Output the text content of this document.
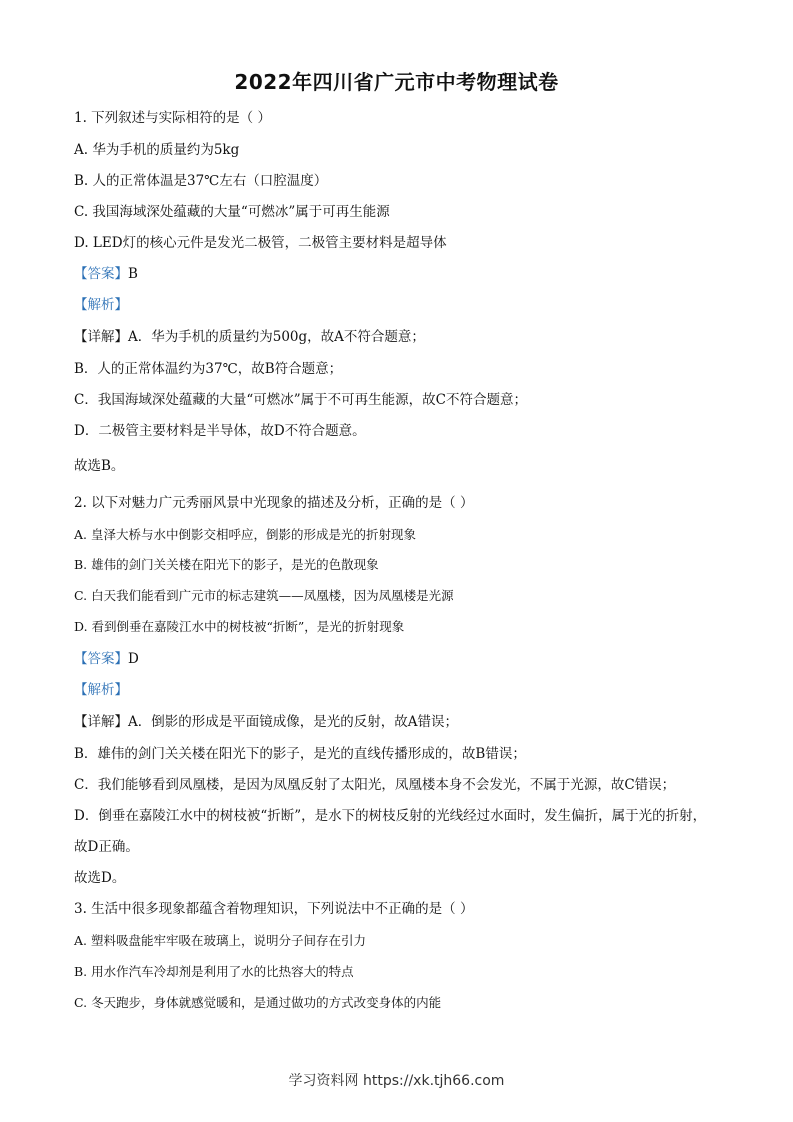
2022年四川省广元市中考物理试卷
1. 下列叙述与实际相符的是（ ）
A. 华为手机的质量约为5kg
B. 人的正常体温是37℃左右（口腔温度）
C. 我国海域深处蕴藏的大量“可燃冰”属于可再生能源
D. LED灯的核心元件是发光二极管，二极管主要材料是超导体
【答案】B
【解析】
【详解】A．华为手机的质量约为500g，故A不符合题意；
B．人的正常体温约为37℃，故B符合题意；
C．我国海域深处蕴藏的大量“可燃冰”属于不可再生能源，故C不符合题意；
D．二极管主要材料是半导体，故D不符合题意。
故选B。
2. 以下对魅力广元秀丽风景中光现象的描述及分析，正确的是（ ）
A. 皇泽大桥与水中倒影交相呼应，倒影的形成是光的折射现象
B. 雄伟的剑门关关楼在阳光下的影子，是光的色散现象
C. 白天我们能看到广元市的标志建筑——凤凰楼，因为凤凰楼是光源
D. 看到倒垂在嘉陵江水中的树枝被“折断”，是光的折射现象
【答案】D
【解析】
【详解】A．倒影的形成是平面镜成像，是光的反射，故A错误；
B．雄伟的剑门关关楼在阳光下的影子，是光的直线传播形成的，故B错误；
C．我们能够看到凤凰楼，是因为凤凰反射了太阳光，凤凰楼本身不会发光，不属于光源，故C错误；
D．倒垂在嘉陵江水中的树枝被“折断”，是水下的树枝反射的光线经过水面时，发生偏折，属于光的折射，
故D正确。
故选D。
3. 生活中很多现象都蕴含着物理知识，下列说法中不正确的是（ ）
A. 塑料吸盘能牢牢吸在玻璃上，说明分子间存在引力
B. 用水作汽车冷却剂是利用了水的比热容大的特点
C. 冬天跑步，身体就感觉暖和，是通过做功的方式改变身体的内能
学习资料网 https://xk.tjh66.com
